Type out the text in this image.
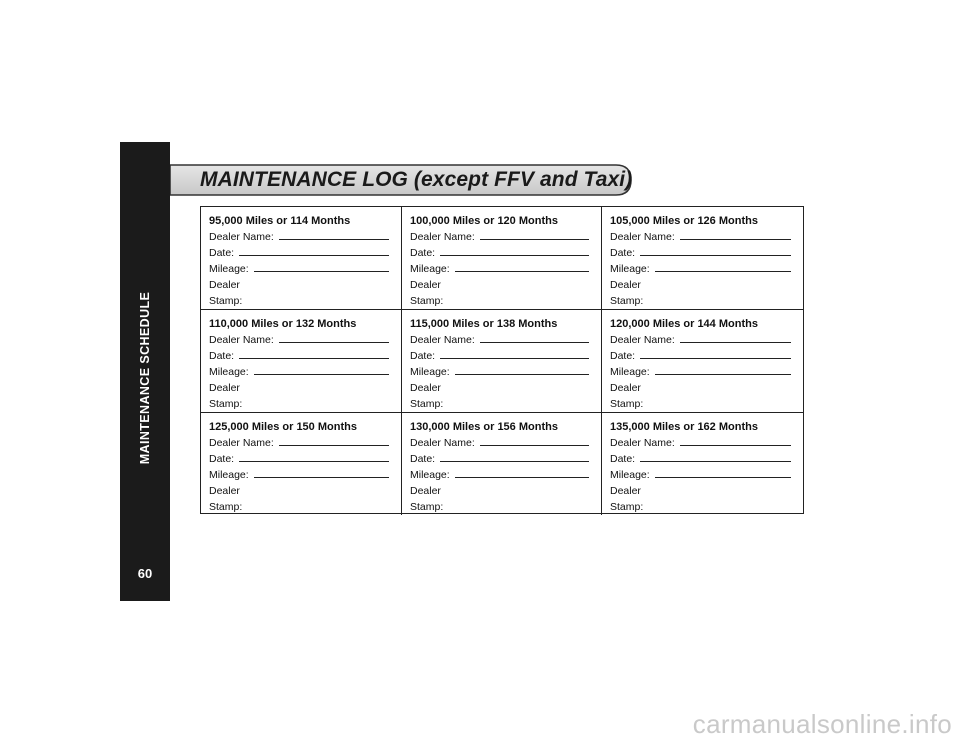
MAINTENANCE SCHEDULE
60
MAINTENANCE LOG (except FFV and Taxi)
95,000 Miles or 114 Months
Dealer Name:
Date:
Mileage:
Dealer
Stamp:
100,000 Miles or 120 Months
Dealer Name:
Date:
Mileage:
Dealer
Stamp:
105,000 Miles or 126 Months
Dealer Name:
Date:
Mileage:
Dealer
Stamp:
110,000 Miles or 132 Months
Dealer Name:
Date:
Mileage:
Dealer
Stamp:
115,000 Miles or 138 Months
Dealer Name:
Date:
Mileage:
Dealer
Stamp:
120,000 Miles or 144 Months
Dealer Name:
Date:
Mileage:
Dealer
Stamp:
125,000 Miles or 150 Months
Dealer Name:
Date:
Mileage:
Dealer
Stamp:
130,000 Miles or 156 Months
Dealer Name:
Date:
Mileage:
Dealer
Stamp:
135,000 Miles or 162 Months
Dealer Name:
Date:
Mileage:
Dealer
Stamp:
carmanualsonline.info
